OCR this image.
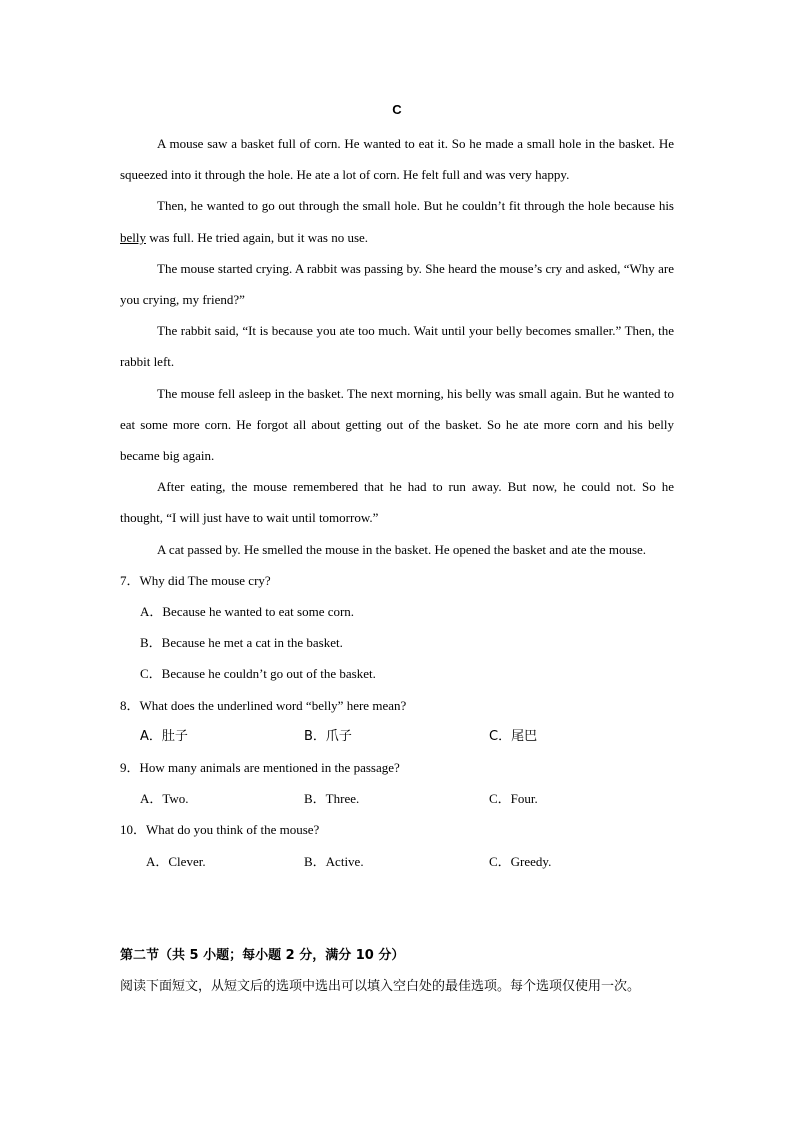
C

A mouse saw a basket full of corn. He wanted to eat it. So he made a small hole in the basket. He squeezed into it through the hole. He ate a lot of corn. He felt full and was very happy.

Then, he wanted to go out through the small hole. But he couldn’t fit through the hole because his belly was full. He tried again, but it was no use.

The mouse started crying. A rabbit was passing by. She heard the mouse’s cry and asked, “Why are you crying, my friend?”

The rabbit said, “It is because you ate too much. Wait until your belly becomes smaller.” Then, the rabbit left.

The mouse fell asleep in the basket. The next morning, his belly was small again. But he wanted to eat some more corn. He forgot all about getting out of the basket. So he ate more corn and his belly became big again.

After eating, the mouse remembered that he had to run away. But now, he could not. So he thought, “I will just have to wait until tomorrow.”

A cat passed by. He smelled the mouse in the basket. He opened the basket and ate the mouse.

7．Why did The mouse cry?
A．Because he wanted to eat some corn.
B．Because he met a cat in the basket.
C．Because he couldn’t go out of the basket.
8．What does the underlined word “belly” here mean?
A．肚子	B．爪子	C．尾巴
9．How many animals are mentioned in the passage?
A．Two.	B．Three.	C．Four.
10．What do you think of the mouse?
A．Clever.	B．Active.	C．Greedy.
第二节（共 5 小题；每小题 2 分，满分 10 分）
阅读下面短文，从短文后的选项中选出可以填入空白处的最佳选项。每个选项仅使用一次。
